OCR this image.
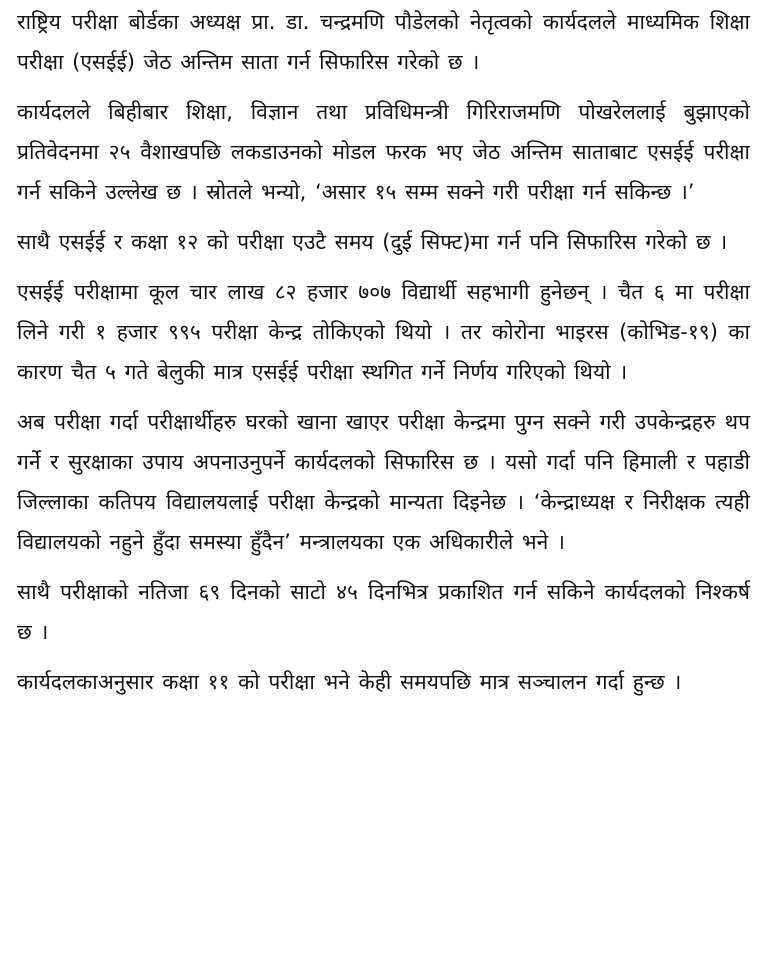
राष्ट्रिय परीक्षा बोर्डका अध्यक्ष प्रा. डा. चन्द्रमणि पौडेलको नेतृत्वको कार्यदलले माध्यमिक शिक्षा परीक्षा (एसईई) जेठ अन्तिम साता गर्न सिफारिस गरेको छ ।

कार्यदलले बिहीबार शिक्षा, विज्ञान तथा प्रविधिमन्त्री गिरिराजमणि पोखरेललाई बुझाएको प्रतिवेदनमा २५ वैशाखपछि लकडाउनको मोडल फरक भए जेठ अन्तिम साताबाट एसईई परीक्षा गर्न सकिने उल्लेख छ । स्रोतले भन्यो, ‘असार १५ सम्म सक्ने गरी परीक्षा गर्न सकिन्छ ।’

साथै एसईई र कक्षा १२ को परीक्षा एउटै समय (दुई सिफ्ट)मा गर्न पनि सिफारिस गरेको छ ।

एसईई परीक्षामा कूल चार लाख ८२ हजार ७०७ विद्यार्थी सहभागी हुनेछन् । चैत ६ मा परीक्षा लिने गरी १ हजार ९९५ परीक्षा केन्द्र तोकिएको थियो । तर कोरोना भाइरस (कोभिड-१९) का कारण चैत ५ गते बेलुकी मात्र एसईई परीक्षा स्थगित गर्ने निर्णय गरिएको थियो ।

अब परीक्षा गर्दा परीक्षार्थीहरु घरको खाना खाएर परीक्षा केन्द्रमा पुग्न सक्ने गरी उपकेन्द्रहरु थप गर्ने र सुरक्षाका उपाय अपनाउनुपर्ने कार्यदलको सिफारिस छ । यसो गर्दा पनि हिमाली र पहाडी जिल्लाका कतिपय विद्यालयलाई परीक्षा केन्द्रको मान्यता दिइनेछ । ‘केन्द्राध्यक्ष र निरीक्षक त्यही विद्यालयको नहुने हुँदा समस्या हुँदैन’ मन्त्रालयका एक अधिकारीले भने ।

साथै परीक्षाको नतिजा ६९ दिनको साटो ४५ दिनभित्र प्रकाशित गर्न सकिने कार्यदलको निश्कर्ष छ ।

कार्यदलकाअनुसार कक्षा ११ को परीक्षा भने केही समयपछि मात्र सञ्चालन गर्दा हुन्छ ।
